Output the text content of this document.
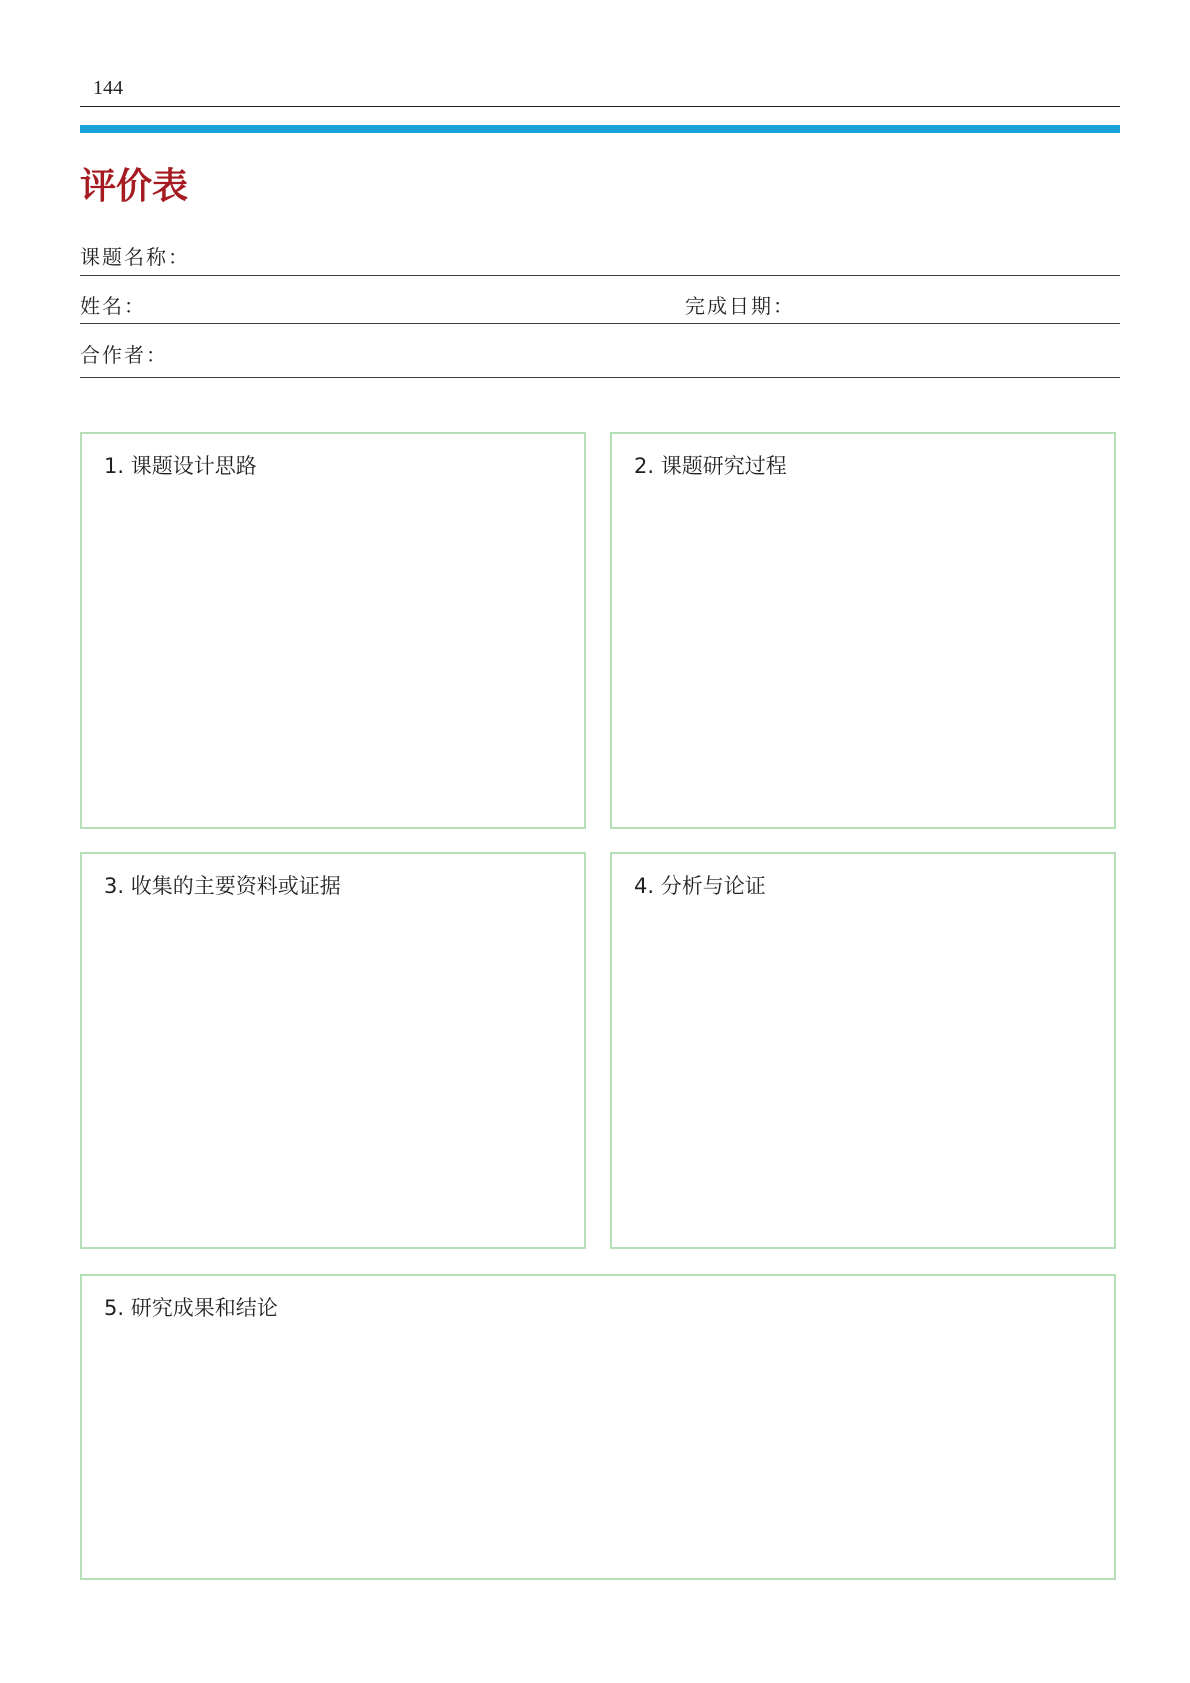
144
评价表
课题名称：
姓名：	完成日期：
合作者：
1. 课题设计思路	2. 课题研究过程
3. 收集的主要资料或证据	4. 分析与论证
5. 研究成果和结论
